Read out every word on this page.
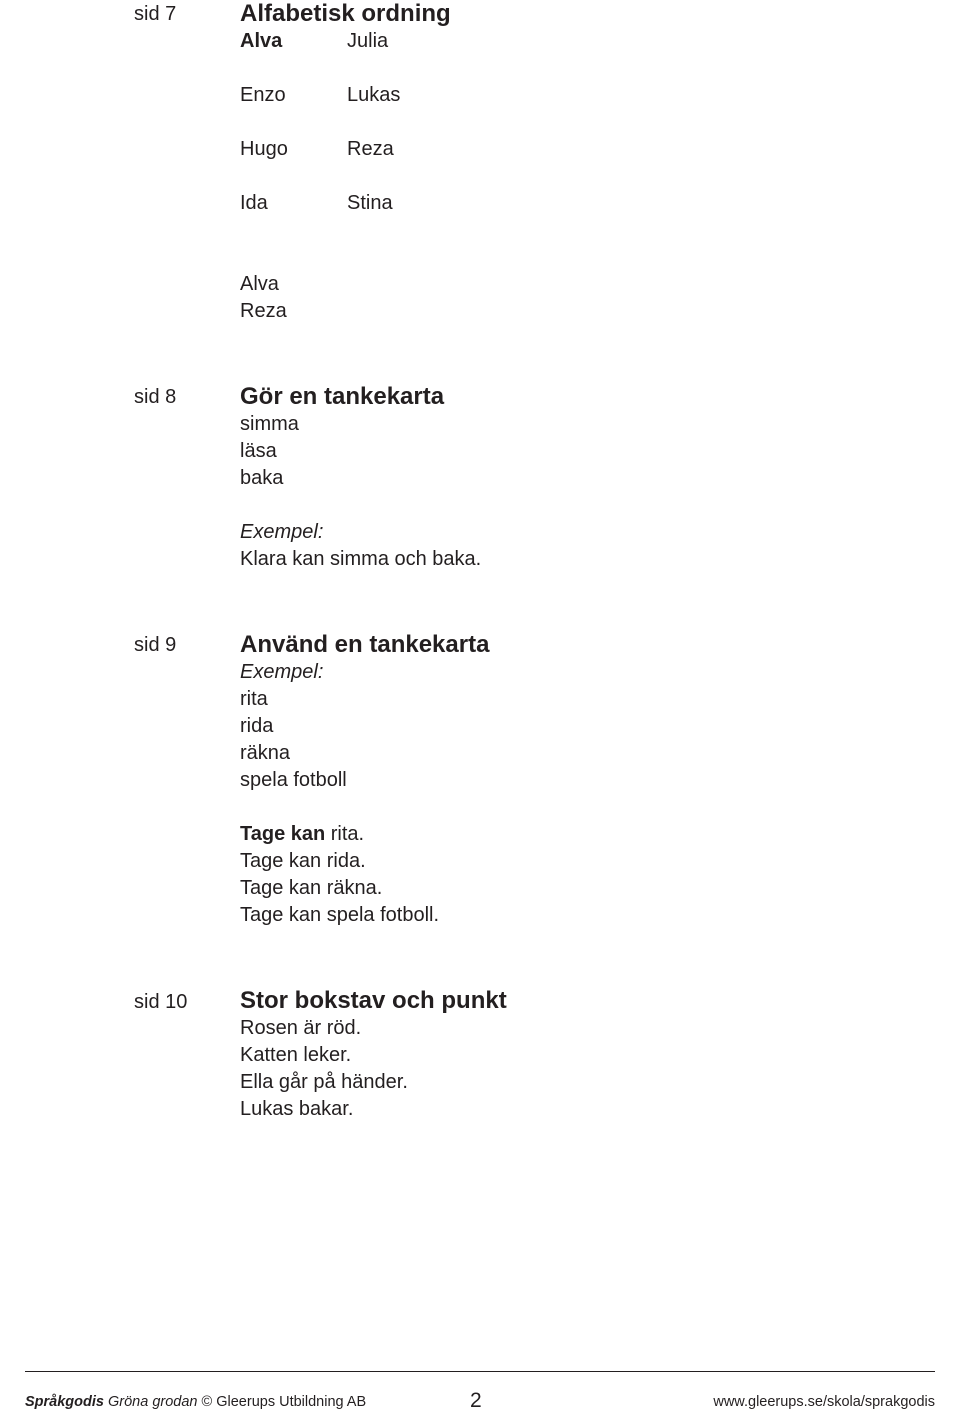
sid 7	Alfabetisk ordning
Alva	Julia
Enzo	Lukas
Hugo	Reza
Ida	Stina
Alva
Reza
sid 8	Gör en tankekarta
simma
läsa
baka
Exempel:
Klara kan simma och baka.
sid 9	Använd en tankekarta
Exempel:
rita
rida
räkna
spela fotboll
Tage kan rita.
Tage kan rida.
Tage kan räkna.
Tage kan spela fotboll.
sid 10 Stor bokstav och punkt
Rosen är röd.
Katten leker.
Ella går på händer.
Lukas bakar.
Språkgodis Gröna grodan © Gleerups Utbildning AB	2	www.gleerups.se/skola/sprakgodis
